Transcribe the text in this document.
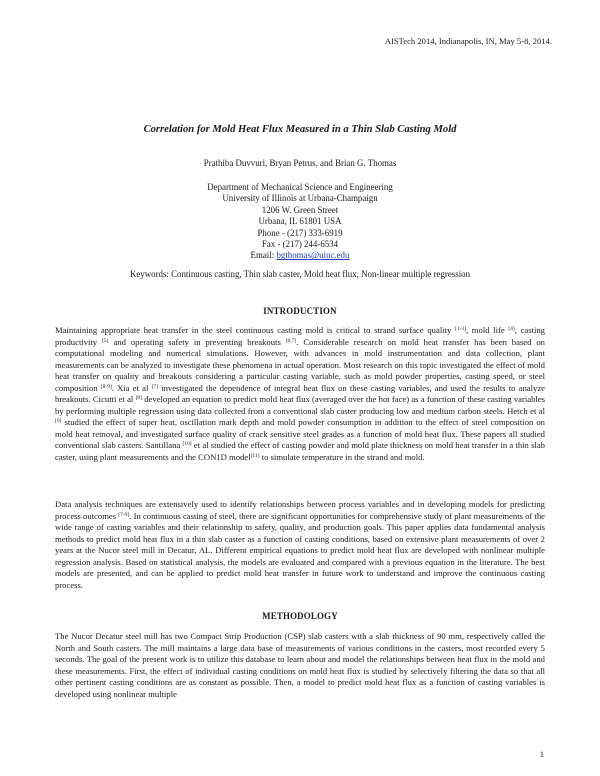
AISTech 2014, Indianapolis, IN, May 5-8, 2014.
Correlation for Mold Heat Flux Measured in a Thin Slab Casting Mold
Prathiba Duvvuri, Bryan Petrus, and Brian G. Thomas
Department of Mechanical Science and Engineering
University of Illinois at Urbana-Champaign
1206 W. Green Street
Urbana, IL 61801 USA
Phone - (217) 333-6919
Fax - (217) 244-6534
Email: bgthomas@uiuc.edu
Keywords: Continuous casting, Thin slab caster, Mold heat flux, Non-linear multiple regression
INTRODUCTION
Maintaining appropriate heat transfer in the steel continuous casting mold is critical to strand surface quality [1-3], mold life [4], casting productivity [5] and operating safety in preventing breakouts [6,7]. Considerable research on mold heat transfer has been based on computational modeling and numerical simulations. However, with advances in mold instrumentation and data collection, plant measurements can be analyzed to investigate these phenomena in actual operation. Most research on this topic investigated the effect of mold heat transfer on quality and breakouts considering a particular casting variable, such as mold powder properties, casting speed, or steel composition [8-9]. Xia et al [7] investigated the dependence of integral heat flux on these casting variables, and used the results to analyze breakouts. Cicutti et al [8] developed an equation to predict mold heat flux (averaged over the hot face) as a function of these casting variables by performing multiple regression using data collected from a conventional slab caster producing low and medium carbon steels. Hetch et al [9] studied the effect of super heat, oscillation mark depth and mold powder consumption in addition to the effect of steel composition on mold heat removal, and investigated surface quality of crack sensitive steel grades as a function of mold heat flux. These papers all studied conventional slab casters. Santillana [10] et al studied the effect of casting powder and mold plate thickness on mold heat transfer in a thin slab caster, using plant measurements and the CON1D model[11] to simulate temperature in the strand and mold.
Data analysis techniques are extensively used to identify relationships between process variables and in developing models for predicting process outcomes [7-9]. In continuous casting of steel, there are significant opportunities for comprehensive study of plant measurements of the wide range of casting variables and their relationship to safety, quality, and production goals. This paper applies data fundamental analysis methods to predict mold heat flux in a thin slab caster as a function of casting conditions, based on extensive plant measurements of over 2 years at the Nucor steel mill in Decatur, AL. Different empirical equations to predict mold heat flux are developed with nonlinear multiple regression analysis. Based on statistical analysis, the models are evaluated and compared with a previous equation in the literature. The best models are presented, and can be applied to predict mold heat transfer in future work to understand and improve the continuous casting process.
METHODOLOGY
The Nucor Decatur steel mill has two Compact Strip Production (CSP) slab casters with a slab thickness of 90 mm, respectively called the North and South casters. The mill maintains a large data base of measurements of various conditions in the casters, most recorded every 5 seconds. The goal of the present work is to utilize this database to learn about and model the relationships between heat flux in the mold and these measurements. First, the effect of individual casting conditions on mold heat flux is studied by selectively filtering the data so that all other pertinent casting conditions are as constant as possible. Then, a model to predict mold heat flux as a function of casting variables is developed using nonlinear multiple
1
